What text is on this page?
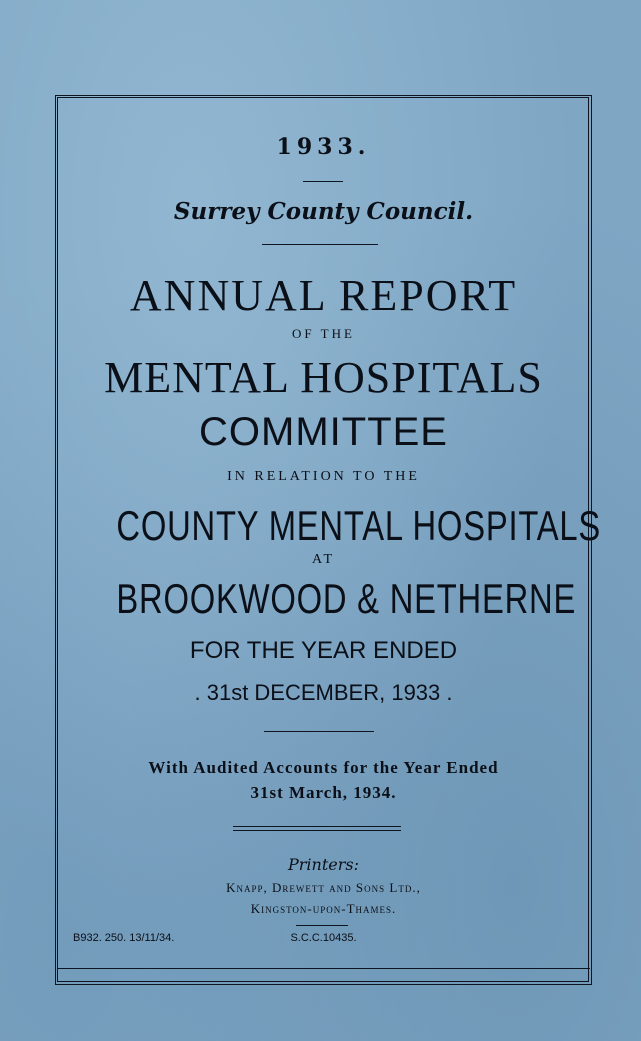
1933.
Surrey County Council.
ANNUAL REPORT
OF THE
MENTAL HOSPITALS
COMMITTEE
IN RELATION TO THE
COUNTY MENTAL HOSPITALS
AT
BROOKWOOD & NETHERNE
FOR THE YEAR ENDED
. 31st DECEMBER, 1933 .
With Audited Accounts for the Year Ended
31st March, 1934.
Printers:
Knapp, Drewett and Sons Ltd.,
Kingston-upon-Thames.
B932. 250. 13/11/34.	S.C.C.10435.
